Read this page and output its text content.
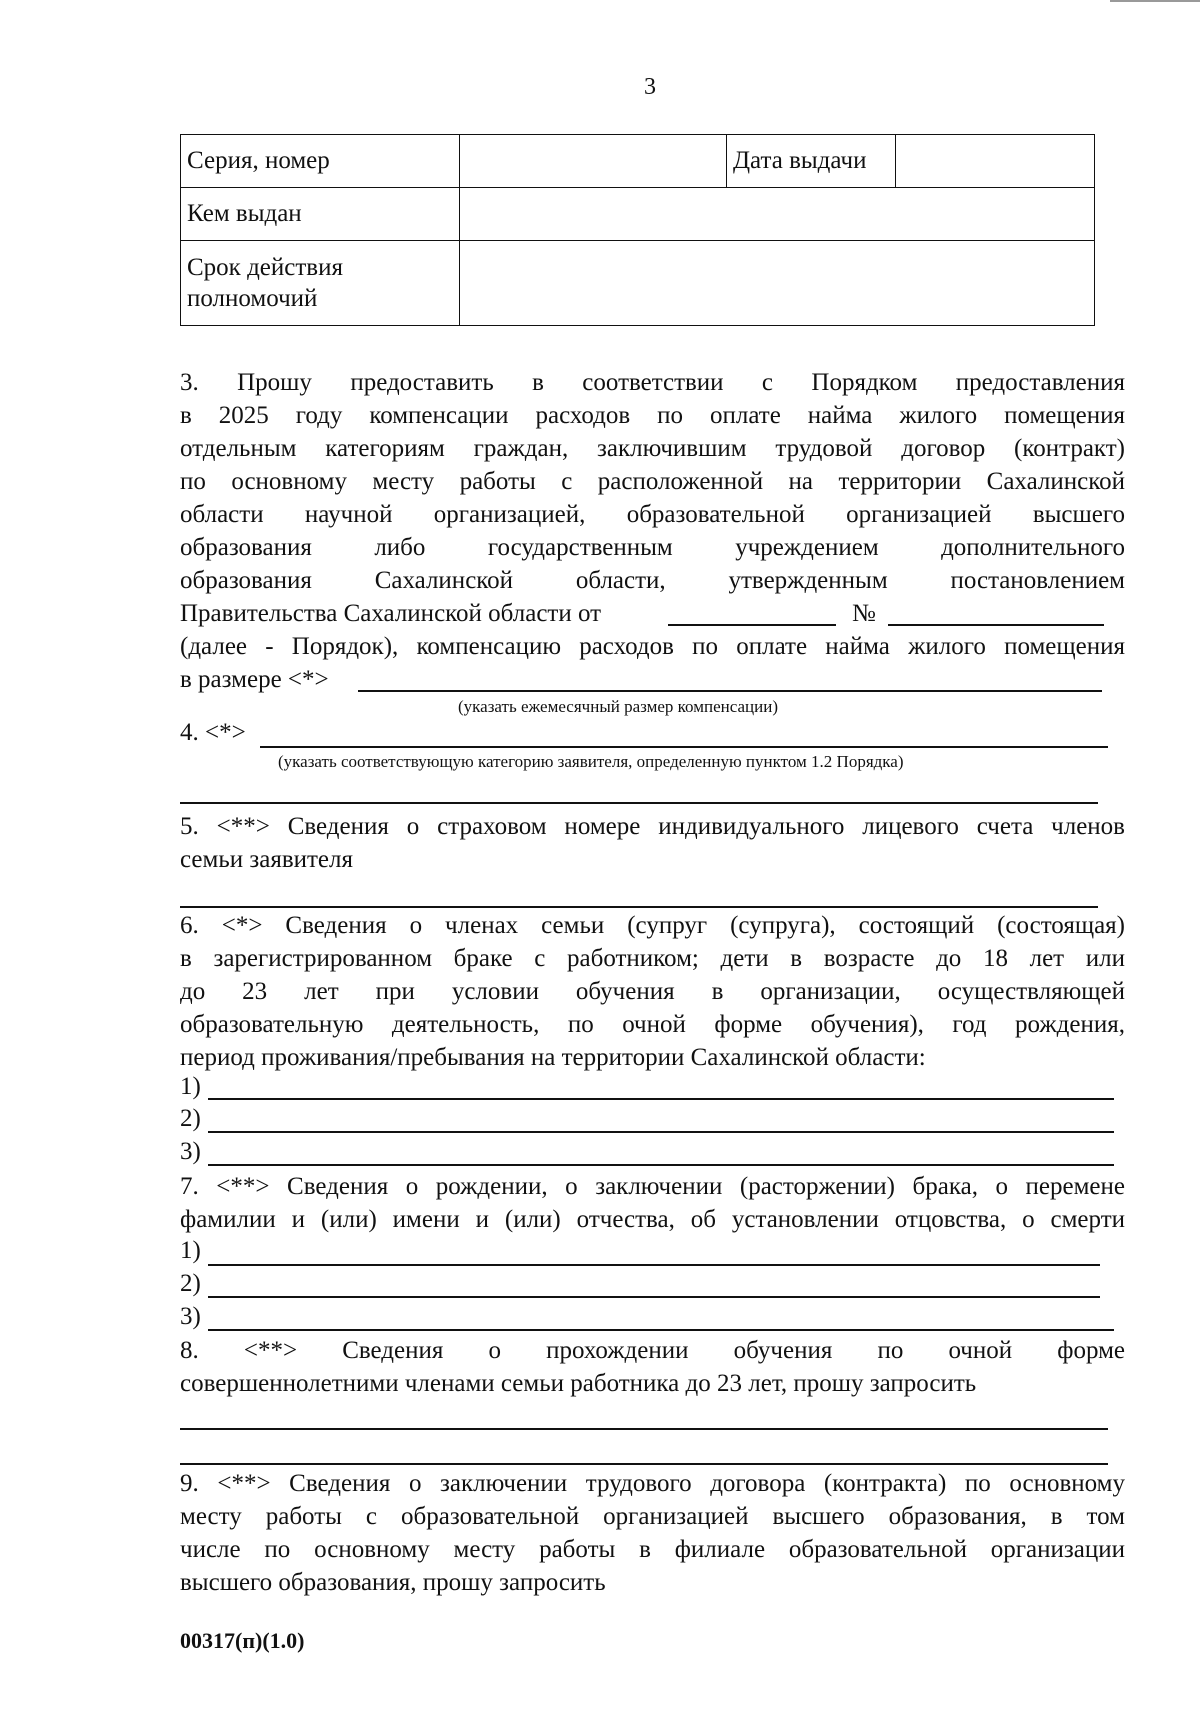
3
Серия, номер		Дата выдачи	
Кем выдан			
Срок действия
полномочий			
3. Прошу предоставить в соответствии с Порядком предоставления
в 2025 году компенсации расходов по оплате найма жилого помещения
отдельным категориям граждан, заключившим трудовой договор (контракт)
по основному месту работы с расположенной на территории Сахалинской
области научной организацией, образовательной организацией высшего
образования либо государственным учреждением дополнительного
образования Сахалинской области, утвержденным постановлением
Правительства Сахалинской области от	№
(далее - Порядок), компенсацию расходов по оплате найма жилого помещения
в размере <*>
(указать ежемесячный размер компенсации)
4. <*>
(указать соответствующую категорию заявителя, определенную пунктом 1.2 Порядка)
5. <**> Сведения о страховом номере индивидуального лицевого счета членов
семьи заявителя
6. <*> Сведения о членах семьи (супруг (супруга), состоящий (состоящая)
в зарегистрированном браке с работником; дети в возрасте до 18 лет или
до 23 лет при условии обучения в организации, осуществляющей
образовательную деятельность, по очной форме обучения), год рождения,
период проживания/пребывания на территории Сахалинской области:
1)
2)
3)
7. <**> Сведения о рождении, о заключении (расторжении) брака, о перемене
фамилии и (или) имени и (или) отчества, об установлении отцовства, о смерти
1)
2)
3)
8. <**> Сведения о прохождении обучения по очной форме
совершеннолетними членами семьи работника до 23 лет, прошу запросить
9. <**> Сведения о заключении трудового договора (контракта) по основному
месту работы с образовательной организацией высшего образования, в том
числе по основному месту работы в филиале образовательной организации
высшего образования, прошу запросить
00317(п)(1.0)
